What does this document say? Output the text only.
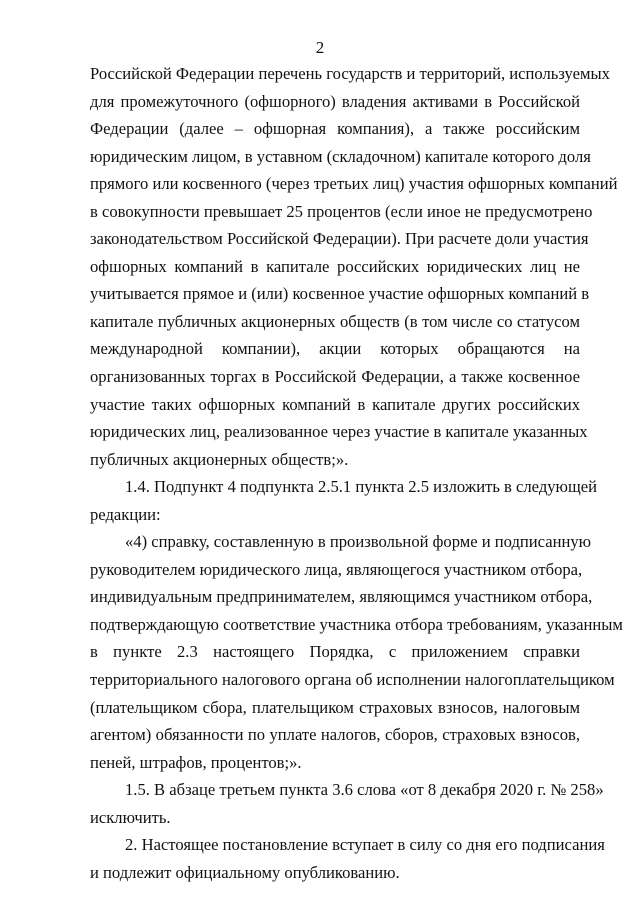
2
Российской Федерации перечень государств и территорий, используемых
для промежуточного (офшорного) владения активами в Российской
Федерации (далее – офшорная компания), а также российским
юридическим лицом, в уставном (складочном) капитале которого доля
прямого или косвенного (через третьих лиц) участия офшорных компаний
в совокупности превышает 25 процентов (если иное не предусмотрено
законодательством Российской Федерации). При расчете доли участия
офшорных компаний в капитале российских юридических лиц не
учитывается прямое и (или) косвенное участие офшорных компаний в
капитале публичных акционерных обществ (в том числе со статусом
международной компании), акции которых обращаются на
организованных торгах в Российской Федерации, а также косвенное
участие таких офшорных компаний в капитале других российских
юридических лиц, реализованное через участие в капитале указанных
публичных акционерных обществ;».
1.4. Подпункт 4 подпункта 2.5.1 пункта 2.5 изложить в следующей
редакции:
«4) справку, составленную в произвольной форме и подписанную
руководителем юридического лица, являющегося участником отбора,
индивидуальным предпринимателем, являющимся участником отбора,
подтверждающую соответствие участника отбора требованиям, указанным
в пункте 2.3 настоящего Порядка, с приложением справки
территориального налогового органа об исполнении налогоплательщиком
(плательщиком сбора, плательщиком страховых взносов, налоговым
агентом) обязанности по уплате налогов, сборов, страховых взносов,
пеней, штрафов, процентов;».
1.5. В абзаце третьем пункта 3.6 слова «от 8 декабря 2020 г. № 258»
исключить.
2. Настоящее постановление вступает в силу со дня его подписания
и подлежит официальному опубликованию.
